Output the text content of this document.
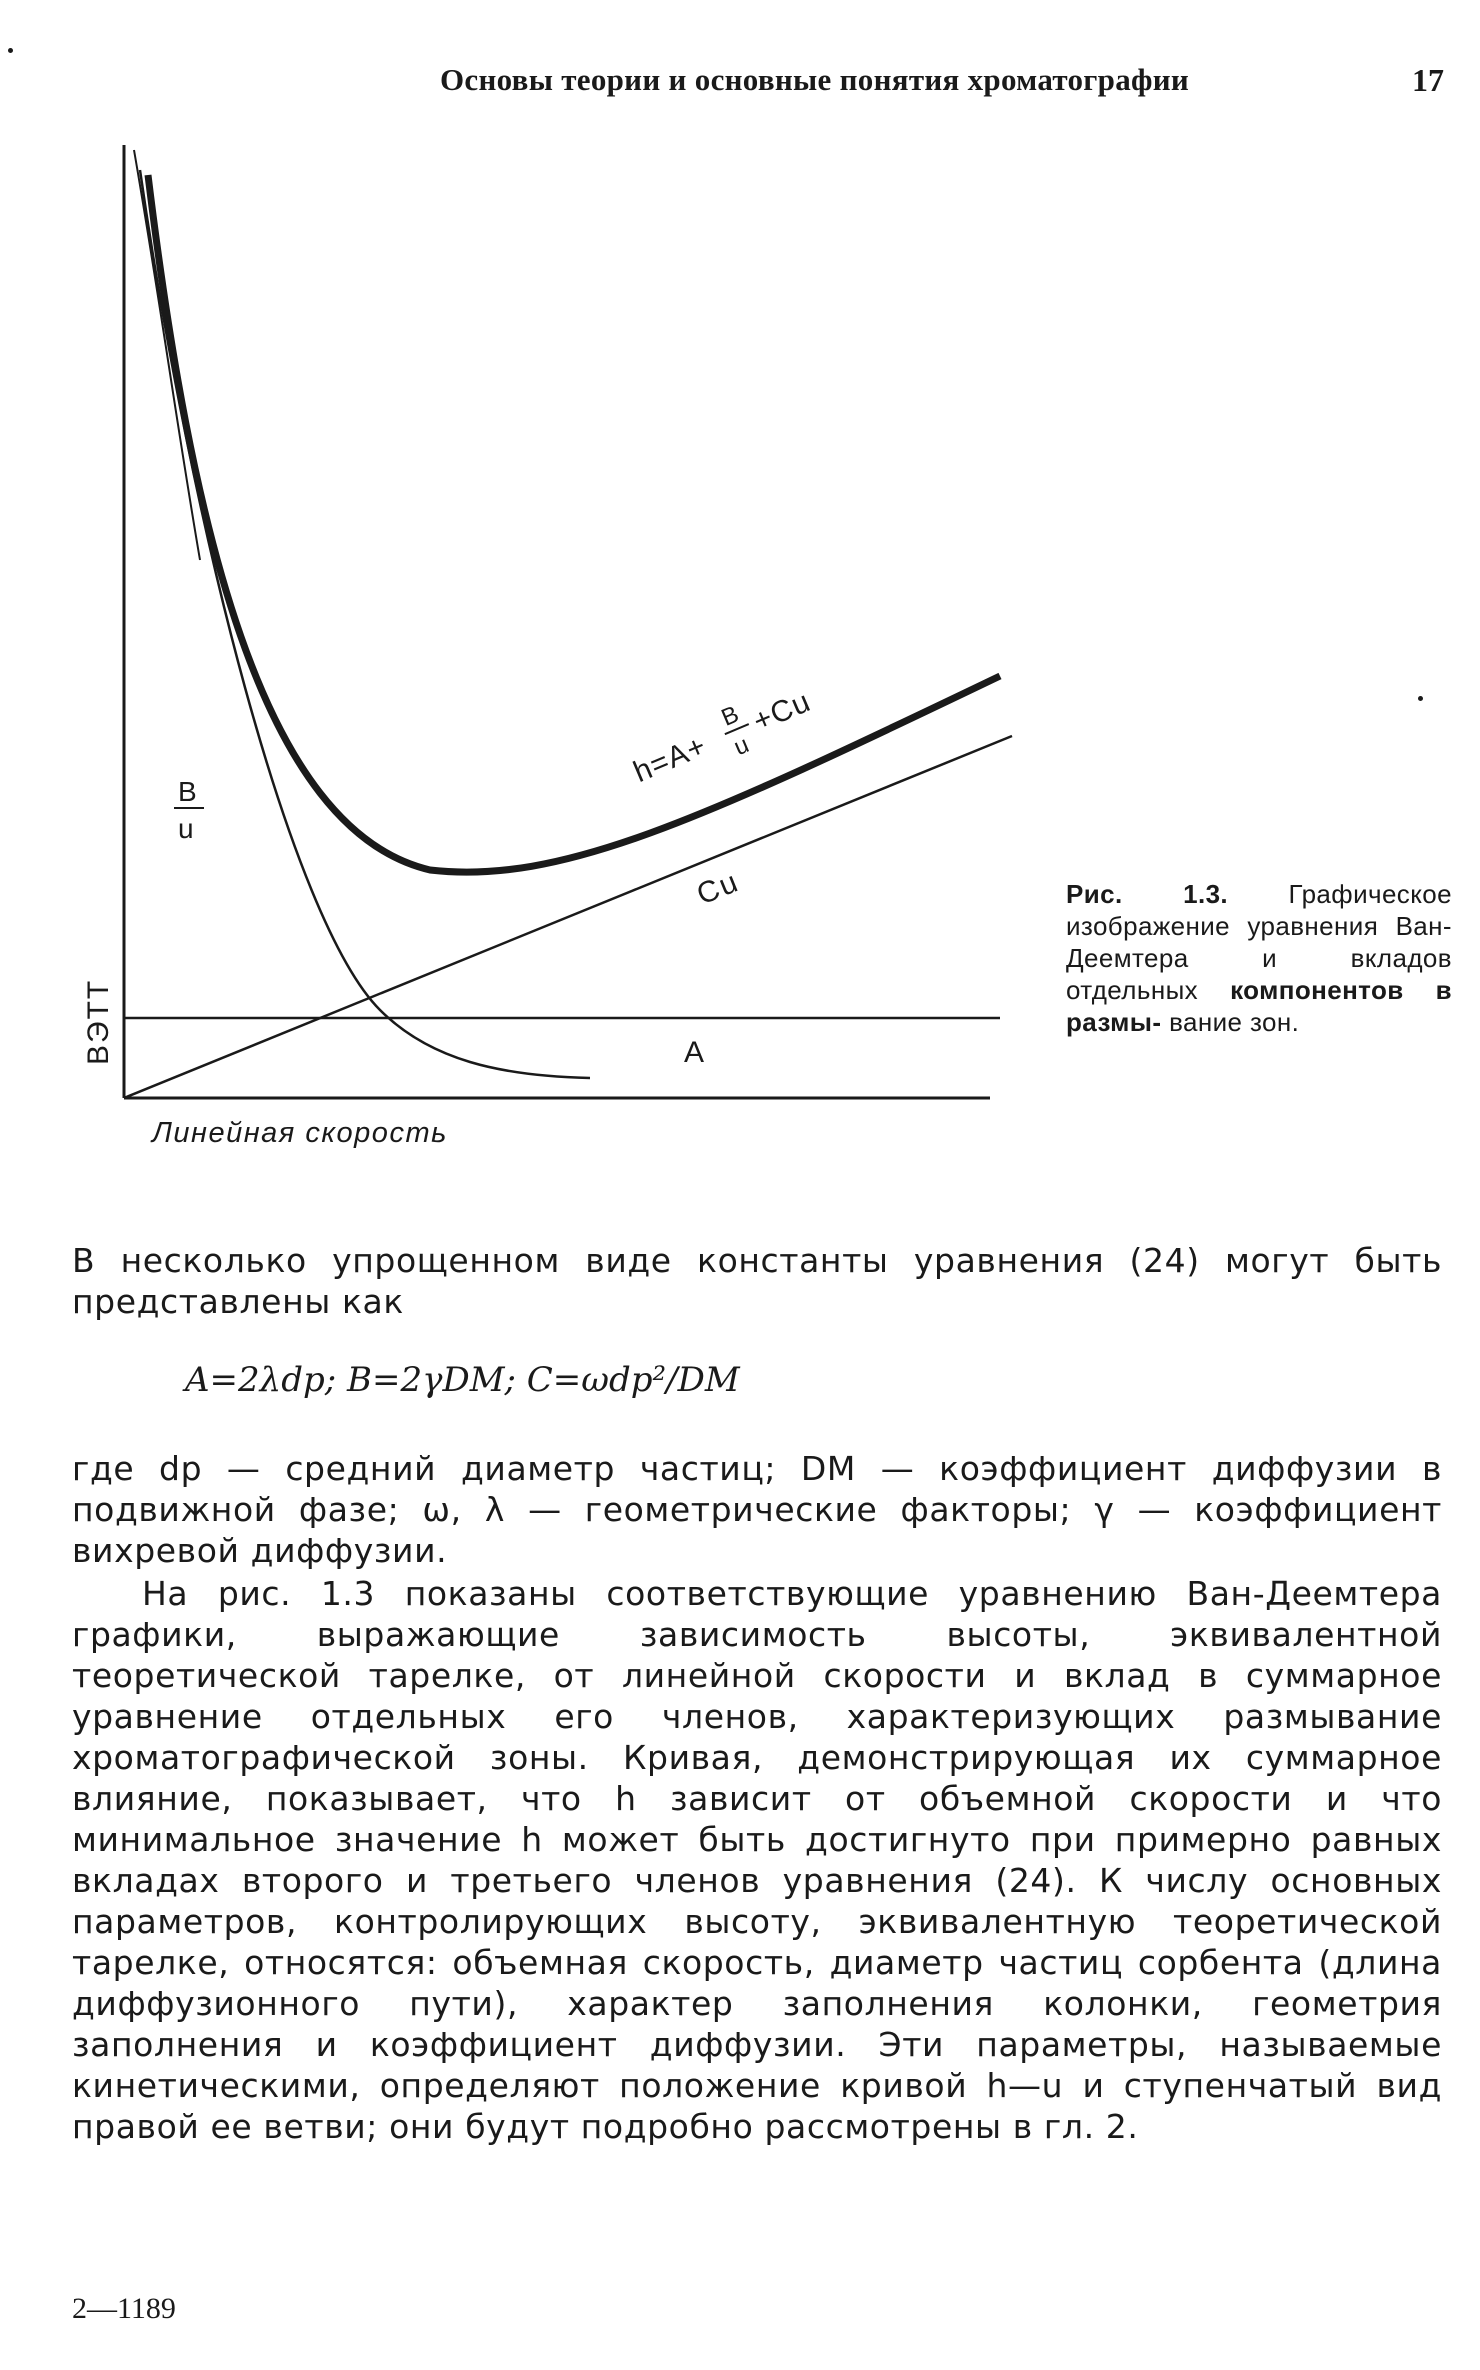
Основы теории и основные понятия хроматографии	17
ВЭТТ
Линейная скорость
B
u
A
Cu
h=A+
B
u
+Cu
Рис. 1.3. Графическое изображение уравнения Ван-Деемтера и вкладов отдельных компонентов в размы- вание зон.

В несколько упрощенном виде константы уравнения (24) могут быть представлены как

A=2λdp; B=2γDM; C=ωdp²/DM

где dp — средний диаметр частиц; DM — коэффициент диффузии в подвижной фазе; ω, λ — геометрические факторы; γ — коэффициент вихревой диффузии.

На рис. 1.3 показаны соответствующие уравнению Ван-Деемтера графики, выражающие зависимость высоты, эквивалентной теоретической тарелке, от линейной скорости и вклад в суммарное уравнение отдельных его членов, характеризующих размывание хроматографической зоны. Кривая, демонстрирующая их суммарное влияние, показывает, что h зависит от объемной скорости и что минимальное значение h может быть достигнуто при примерно равных вкладах второго и третьего членов уравнения (24). К числу основных параметров, контролирующих высоту, эквивалентную теоретической тарелке, относятся: объемная скорость, диаметр частиц сорбента (длина диффузионного пути), характер заполнения колонки, геометрия заполнения и коэффициент диффузии. Эти параметры, называемые кинетическими, определяют положение кривой h—u и ступенчатый вид правой ее ветви; они будут подробно рассмотрены в гл. 2.

2—1189
